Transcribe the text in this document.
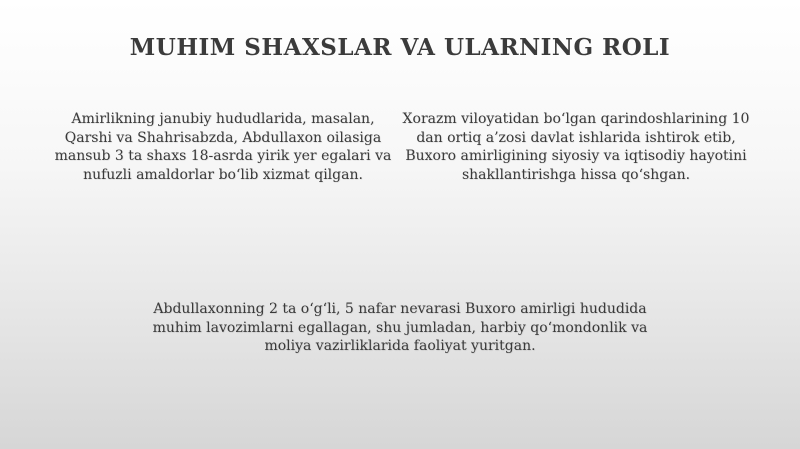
MUHIM SHAXSLAR VA ULARNING ROLI
Amirlikning janubiy hududlarida, masalan, Qarshi va Shahrisabzda, Abdullaxon oilasiga mansub 3 ta shaxs 18-asrda yirik yer egalari va nufuzli amaldorlar bo‘lib xizmat qilgan.
Xorazm viloyatidan bo‘lgan qarindoshlarining 10 dan ortiq a’zosi davlat ishlarida ishtirok etib, Buxoro amirligining siyosiy va iqtisodiy hayotini shakllantirishga hissa qo‘shgan.
Abdullaxonning 2 ta o‘g‘li, 5 nafar nevarasi Buxoro amirligi hududida muhim lavozimlarni egallagan, shu jumladan, harbiy qo‘mondonlik va moliya vazirliklarida faoliyat yuritgan.
